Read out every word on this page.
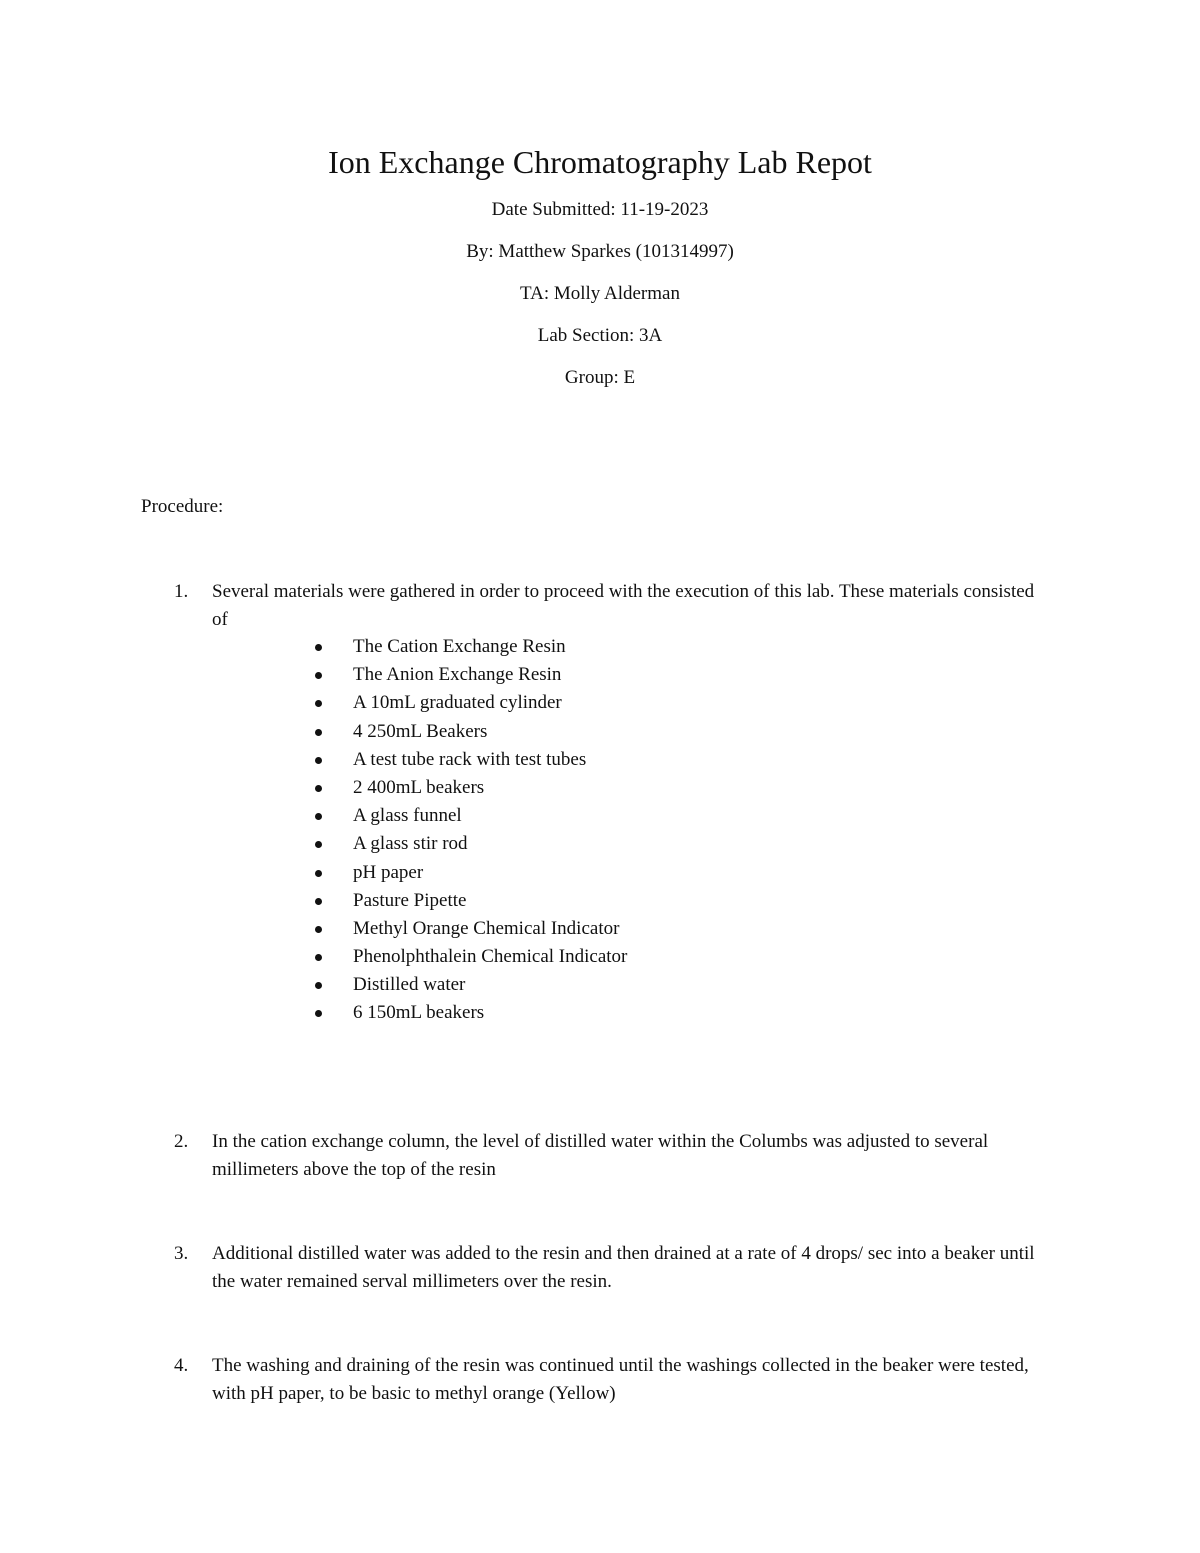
Ion Exchange Chromatography Lab Repot
Date Submitted: 11-19-2023
By: Matthew Sparkes (101314997)
TA: Molly Alderman
Lab Section: 3A
Group: E
Procedure:
1.	Several materials were gathered in order to proceed with the execution of this lab. These materials consisted of
The Cation Exchange Resin
The Anion Exchange Resin
A 10mL graduated cylinder
4 250mL Beakers
A test tube rack with test tubes
2 400mL beakers
A glass funnel
A glass stir rod
pH paper
Pasture Pipette
Methyl Orange Chemical Indicator
Phenolphthalein Chemical Indicator
Distilled water
6 150mL beakers
2.	In the cation exchange column, the level of distilled water within the Columbs was adjusted to several millimeters above the top of the resin
3.	Additional distilled water was added to the resin and then drained at a rate of 4 drops/ sec into a beaker until the water remained serval millimeters over the resin.
4.	The washing and draining of the resin was continued until the washings collected in the beaker were tested, with pH paper, to be basic to methyl orange (Yellow)
